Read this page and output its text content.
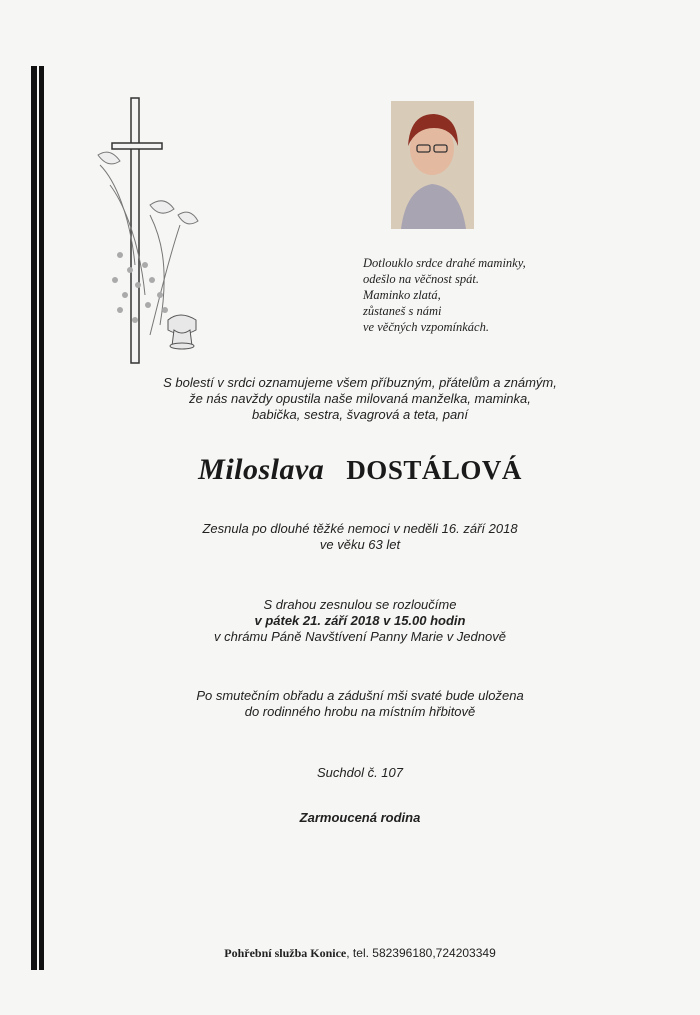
Dotlouklo srdce drahé maminky,
odešlo na věčnost spát.
Maminko zlatá,
zůstaneš s námi
ve věčných vzpomínkách.
S bolestí v srdci oznamujeme všem příbuzným, přátelům a známým,
že nás navždy opustila naše milovaná manželka, maminka,
babička, sestra, švagrová a teta, paní
Miloslava DOSTÁLOVÁ
Zesnula po dlouhé těžké nemoci v neděli 16. září 2018
ve věku 63 let
S drahou zesnulou se rozloučíme
v pátek 21. září 2018 v 15.00 hodin
v chrámu Páně Navštívení Panny Marie v Jednově
Po smutečním obřadu a zádušní mši svaté bude uložena
do rodinného hrobu na místním hřbitově
Suchdol č. 107
Zarmoucená rodina
Pohřební služba Konice, tel. 582396180,724203349
